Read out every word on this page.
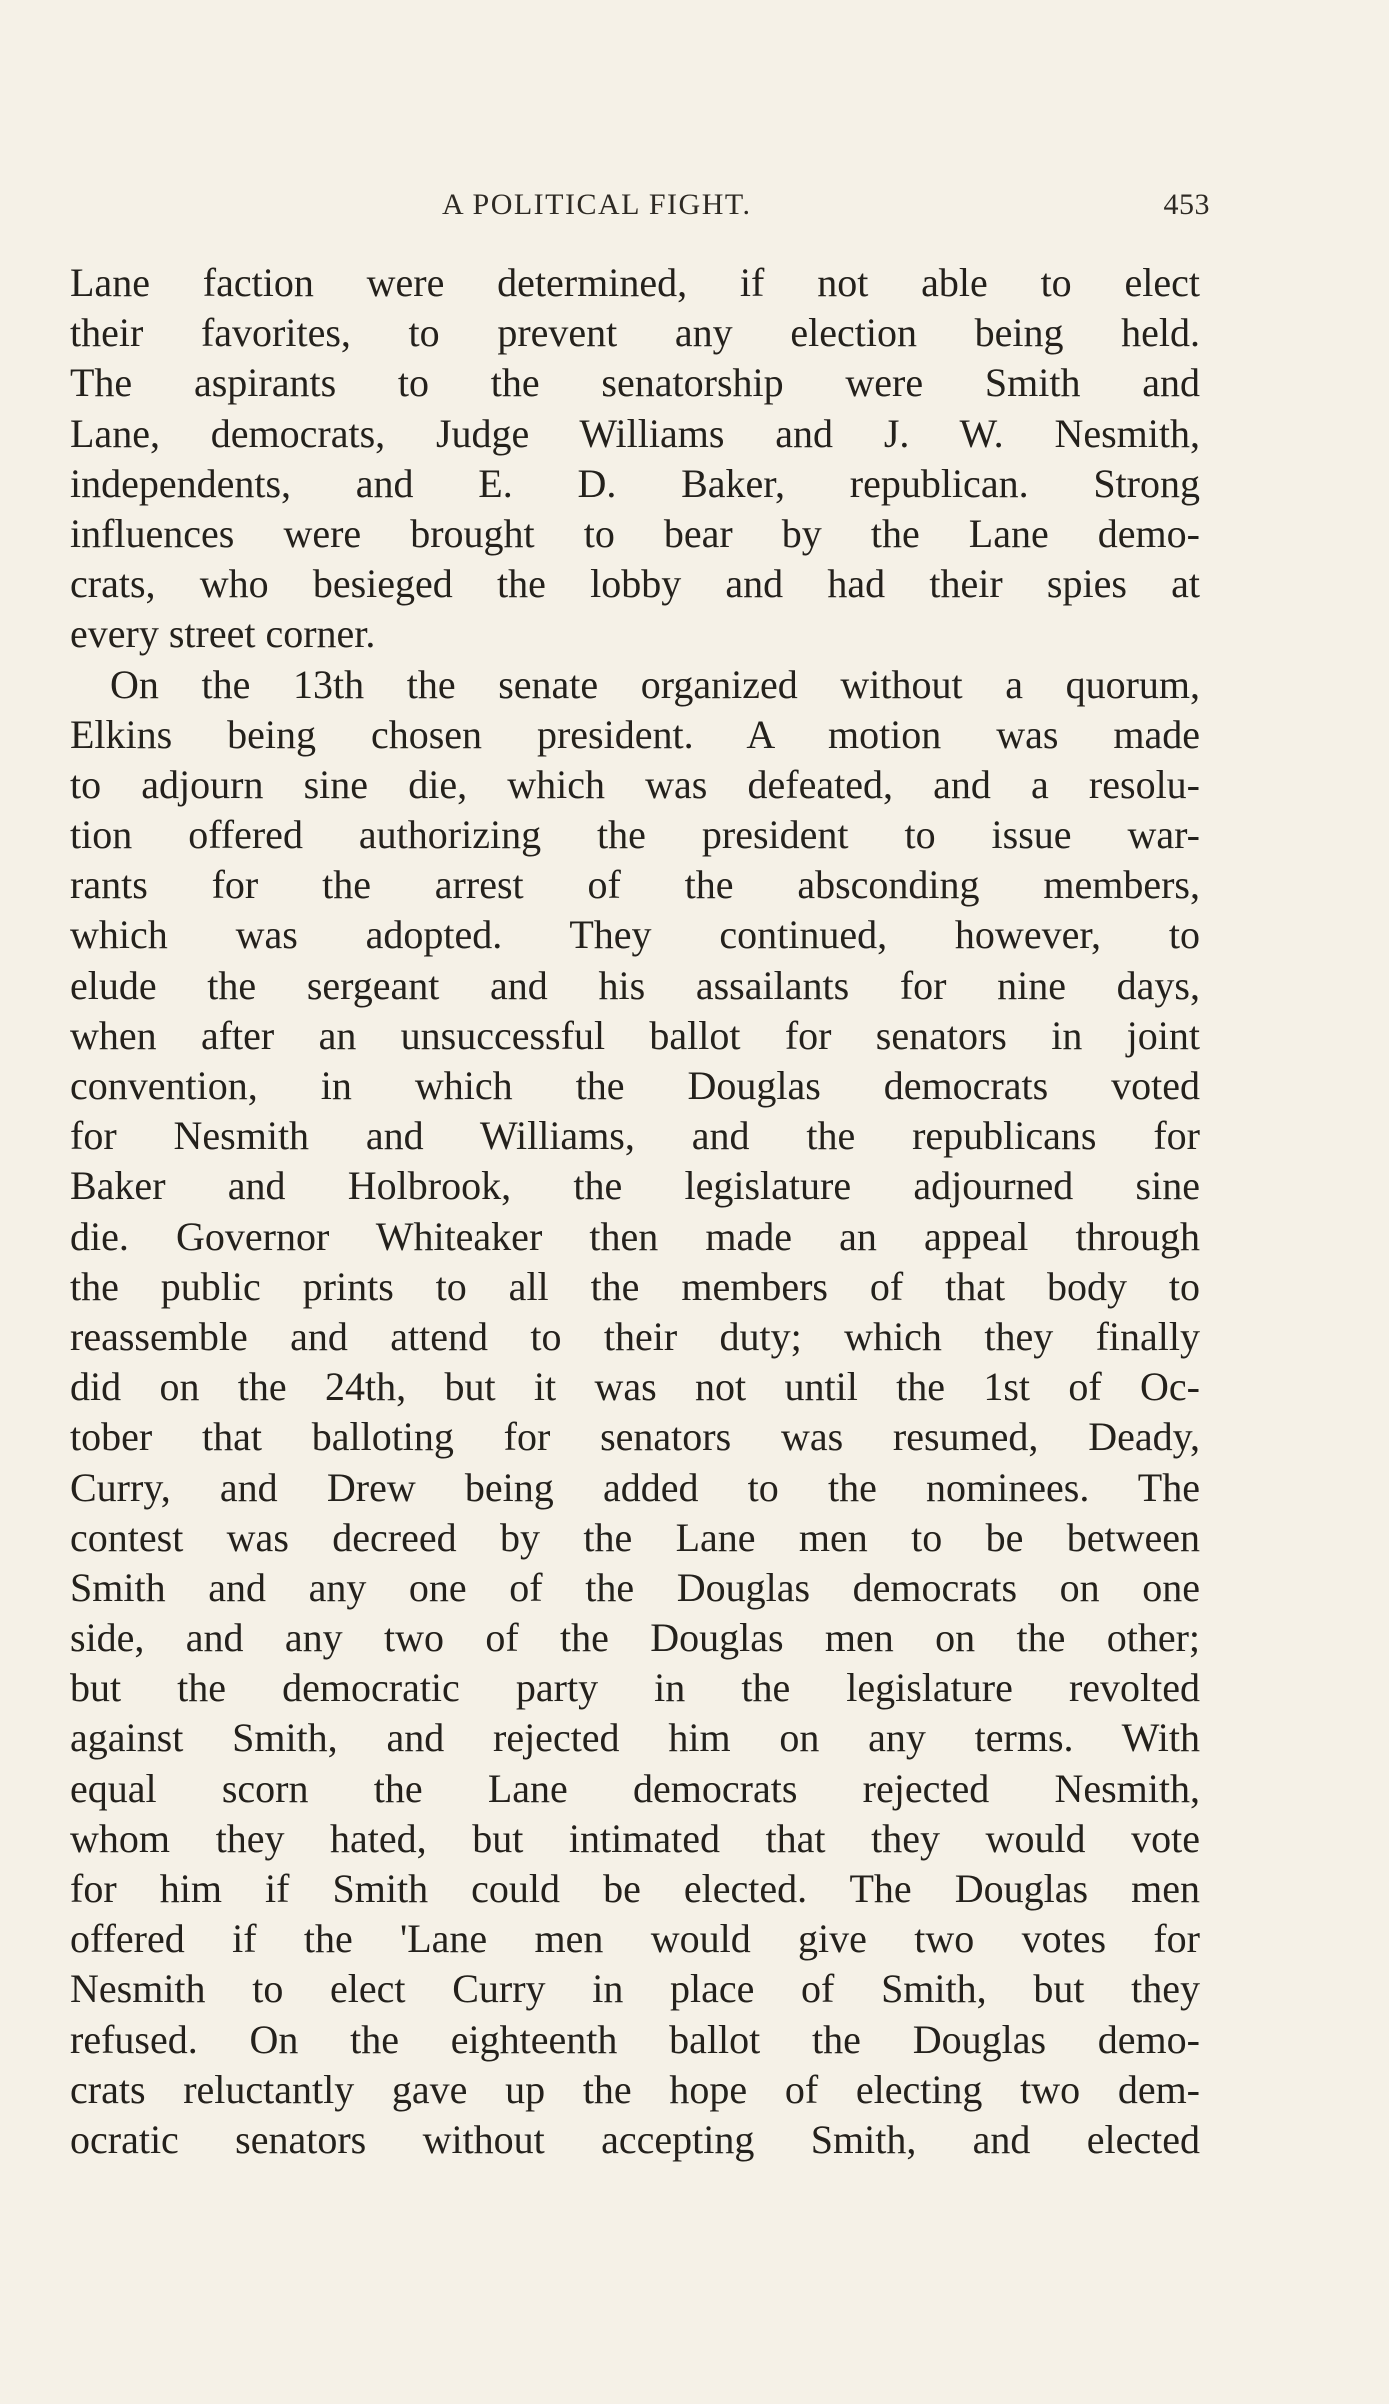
A POLITICAL FIGHT.	453
Lane faction were determined, if not able to elect
their favorites, to prevent any election being held.
The aspirants to the senatorship were Smith and
Lane, democrats, Judge Williams and J. W. Nesmith,
independents, and E. D. Baker, republican. Strong
influences were brought to bear by the Lane demo-
crats, who besieged the lobby and had their spies at
every street corner.
On the 13th the senate organized without a quorum,
Elkins being chosen president. A motion was made
to adjourn sine die, which was defeated, and a resolu-
tion offered authorizing the president to issue war-
rants for the arrest of the absconding members,
which was adopted. They continued, however, to
elude the sergeant and his assailants for nine days,
when after an unsuccessful ballot for senators in joint
convention, in which the Douglas democrats voted
for Nesmith and Williams, and the republicans for
Baker and Holbrook, the legislature adjourned sine
die. Governor Whiteaker then made an appeal through
the public prints to all the members of that body to
reassemble and attend to their duty; which they finally
did on the 24th, but it was not until the 1st of Oc-
tober that balloting for senators was resumed, Deady,
Curry, and Drew being added to the nominees. The
contest was decreed by the Lane men to be between
Smith and any one of the Douglas democrats on one
side, and any two of the Douglas men on the other;
but the democratic party in the legislature revolted
against Smith, and rejected him on any terms. With
equal scorn the Lane democrats rejected Nesmith,
whom they hated, but intimated that they would vote
for him if Smith could be elected. The Douglas men
offered if the 'Lane men would give two votes for
Nesmith to elect Curry in place of Smith, but they
refused. On the eighteenth ballot the Douglas demo-
crats reluctantly gave up the hope of electing two dem-
ocratic senators without accepting Smith, and elected
